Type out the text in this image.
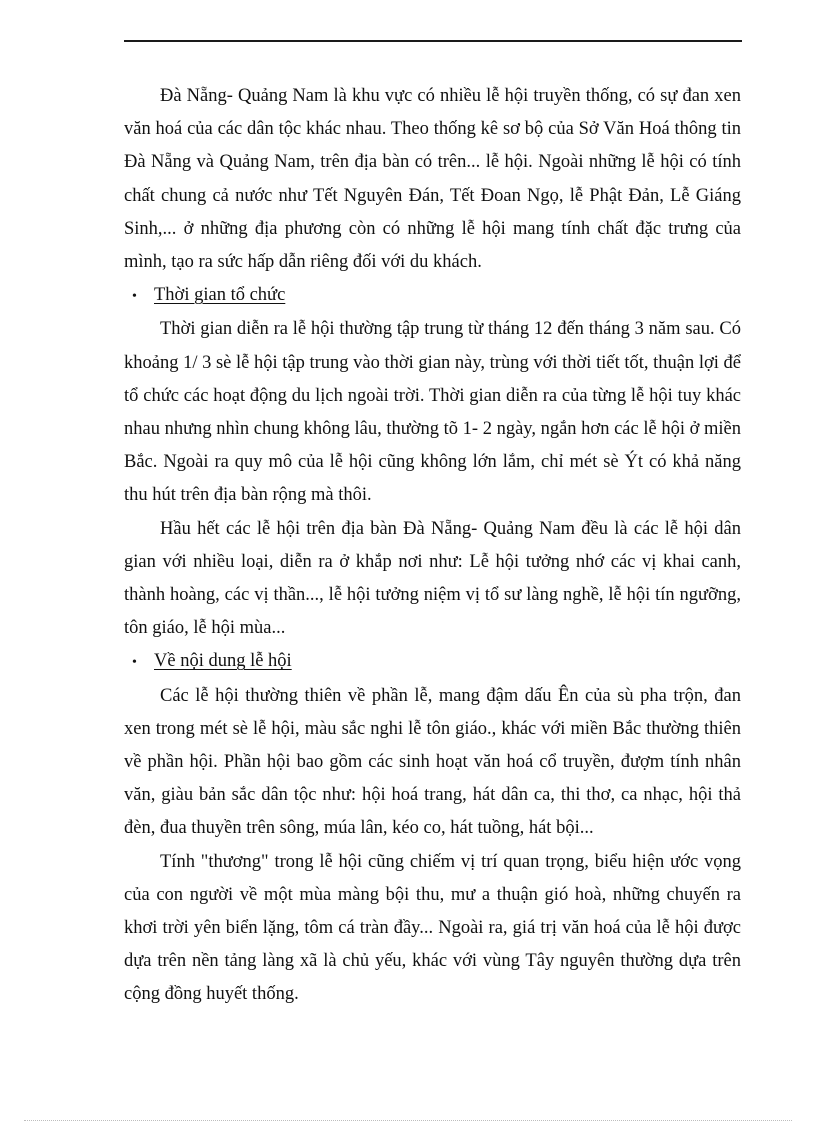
Đà Nẵng- Quảng Nam là khu vực có nhiều lễ hội truyền thống, có sự đan xen văn hoá của các dân tộc khác nhau. Theo thống kê sơ bộ của Sở Văn Hoá thông tin Đà Nẵng và Quảng Nam, trên địa bàn có trên... lễ hội. Ngoài những lễ hội có tính chất chung cả nước như Tết Nguyên Đán, Tết Đoan Ngọ, lễ Phật Đản, Lễ Giáng Sinh,... ở những địa phương còn có những lễ hội mang tính chất đặc trưng của mình, tạo ra sức hấp dẫn riêng đối với du khách.

• Thời gian tổ chức

Thời gian diễn ra lễ hội thường tập trung từ tháng 12 đến tháng 3 năm sau. Có khoảng 1/ 3 sè lễ hội tập trung vào thời gian này, trùng với thời tiết tốt, thuận lợi để tổ chức các hoạt động du lịch ngoài trời. Thời gian diễn ra của từng lễ hội tuy khác nhau nhưng nhìn chung không lâu, thường tõ 1- 2 ngày, ngắn hơn các lễ hội ở miền Bắc. Ngoài ra quy mô của lễ hội cũng không lớn lắm, chỉ mét sè Ýt có khả năng thu hút trên địa bàn rộng mà thôi.

Hầu hết các lễ hội trên địa bàn Đà Nẵng- Quảng Nam đều là các lễ hội dân gian với nhiều loại, diễn ra ở khắp nơi như: Lễ hội tưởng nhớ các vị khai canh, thành hoàng, các vị thần..., lễ hội tưởng niệm vị tổ sư làng nghề, lễ hội tín ngưỡng, tôn giáo, lễ hội mùa...

• Về nội dung lễ hội

Các lễ hội thường thiên về phần lễ, mang đậm dấu Ên của sù pha trộn, đan xen trong mét sè lễ hội, màu sắc nghi lễ tôn giáo., khác với miền Bắc thường thiên về phần hội. Phần hội bao gồm các sinh hoạt văn hoá cổ truyền, đượm tính nhân văn, giàu bản sắc dân tộc như: hội hoá trang, hát dân ca, thi thơ, ca nhạc, hội thả đèn, đua thuyền trên sông, múa lân, kéo co, hát tuồng, hát bội...

Tính "thương" trong lễ hội cũng chiếm vị trí quan trọng, biểu hiện ước vọng của con người về một mùa màng bội thu, mư a thuận gió hoà, những chuyến ra khơi trời yên biển lặng, tôm cá tràn đầy... Ngoài ra, giá trị văn hoá của lễ hội được dựa trên nền tảng làng xã là chủ yếu, khác với vùng Tây nguyên thường dựa trên cộng đồng huyết thống.
